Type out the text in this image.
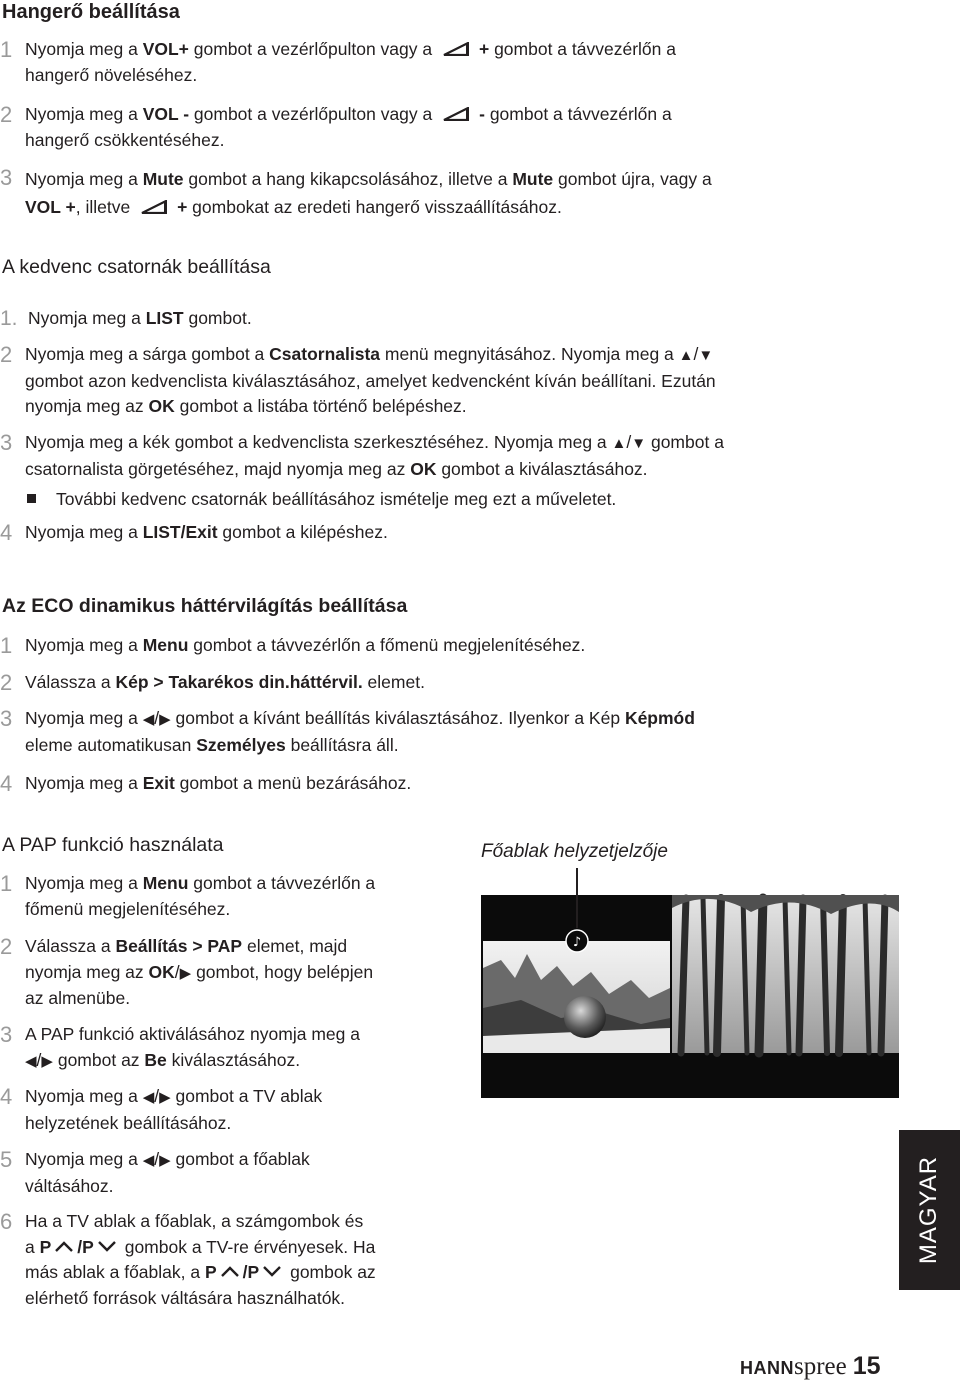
Hangerő beállítása
1 Nyomja meg a VOL+ gombot a vezérlőpulton vagy a + gombot a távvezérlőn a
hangerő növeléséhez.
2 Nyomja meg a VOL - gombot a vezérlőpulton vagy a - gombot a távvezérlőn a
hangerő csökkentéséhez.
3 Nyomja meg a Mute gombot a hang kikapcsolásához, illetve a Mute gombot újra, vagy a
VOL +, illetve + gombokat az eredeti hangerő visszaállításához.
A kedvenc csatornák beállítása
1. Nyomja meg a LIST gombot.
2 Nyomja meg a sárga gombot a Csatornalista menü megnyitásához. Nyomja meg a ▲/▼
gombot azon kedvenclista kiválasztásához, amelyet kedvencként kíván beállítani. Ezután
nyomja meg az OK gombot a listába történő belépéshez.
3 Nyomja meg a kék gombot a kedvenclista szerkesztéséhez. Nyomja meg a ▲/▼ gombot a
csatornalista görgetéséhez, majd nyomja meg az OK gombot a kiválasztásához.
További kedvenc csatornák beállításához ismételje meg ezt a műveletet.
4 Nyomja meg a LIST/Exit gombot a kilépéshez.
Az ECO dinamikus háttérvilágítás beállítása
1 Nyomja meg a Menu gombot a távvezérlőn a főmenü megjelenítéséhez.
2 Válassza a Kép > Takarékos din.háttérvil. elemet.
3 Nyomja meg a ◀/▶ gombot a kívánt beállítás kiválasztásához. Ilyenkor a Kép Képmód
eleme automatikusan Személyes beállításra áll.
4 Nyomja meg a Exit gombot a menü bezárásához.
A PAP funkció használata
1 Nyomja meg a Menu gombot a távvezérlőn a
főmenü megjelenítéséhez.
2 Válassza a Beállítás > PAP elemet, majd
nyomja meg az OK/▶ gombot, hogy belépjen
az almenübe.
3 A PAP funkció aktiválásához nyomja meg a
◀/▶ gombot az Be kiválasztásához.
4 Nyomja meg a ◀/▶ gombot a TV ablak
helyzetének beállításához.
5 Nyomja meg a ◀/▶ gombot a főablak
váltásához.
6 Ha a TV ablak a főablak, a számgombok és
a P /P gombok a TV-re érvényesek. Ha
más ablak a főablak, a P /P gombok az
elérhető források váltására használhatók.
Főablak helyzetjelzője
♪
MAGYAR
HANNspree 15
